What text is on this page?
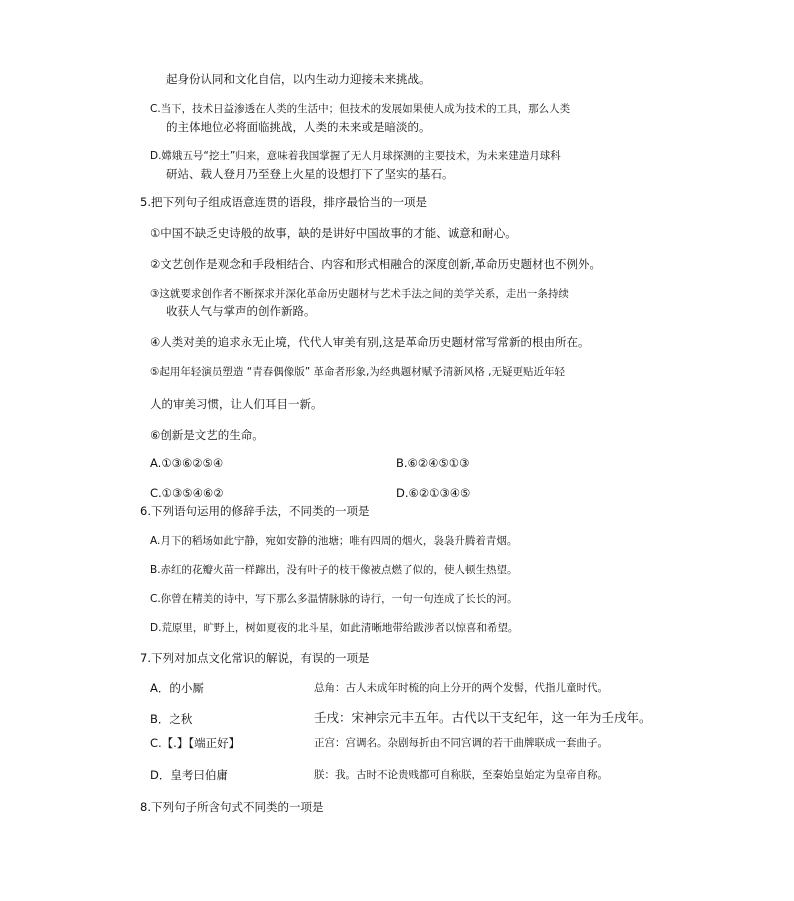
起身份认同和文化自信，以内生动力迎接未来挑战。
C.当下，技术日益渗透在人类的生活中；但技术的发展如果使人成为技术的工具，那么人类
的主体地位必将面临挑战，人类的未来或是暗淡的。
D.嫦娥五号“挖土”归来，意味着我国掌握了无人月球探测的主要技术，为未来建造月球科
研站、载人登月乃至登上火星的设想打下了坚实的基石。
5.把下列句子组成语意连贯的语段，排序最恰当的一项是
①中国不缺乏史诗般的故事，缺的是讲好中国故事的才能、诚意和耐心。
②文艺创作是观念和手段相结合、内容和形式相融合的深度创新,革命历史题材也不例外。
③这就要求创作者不断探求并深化革命历史题材与艺术手法之间的美学关系，走出一条持续
收获人气与掌声的创作新路。
④人类对美的追求永无止境，代代人审美有别,这是革命历史题材常写常新的根由所在。
⑤起用年轻演员塑造 “青春偶像版” 革命者形象,为经典题材赋予清新风格 ,无疑更贴近年轻
人的审美习惯，让人们耳目一新。
⑥创新是文艺的生命。
A.①③⑥②⑤④	B.⑥②④⑤①③
C.①③⑤④⑥②	D.⑥②①③④⑤
6.下列语句运用的修辞手法，不同类的一项是
A.月下的稻场如此宁静，宛如安静的池塘；唯有四周的烟火，袅袅升腾着青烟。
B.赤红的花瓣火苗一样蹿出，没有叶子的枝干像被点燃了似的，使人顿生热望。
C.你曾在精美的诗中，写下那么多温情脉脉的诗行，一句一句连成了长长的河。
D.荒原里，旷野上，树如夏夜的北斗星，如此清晰地带给跋涉者以惊喜和希望。
7.下列对加点文化常识的解说，有误的一项是
A．的小厮	总角：古人未成年时梳的向上分开的两个发髻，代指儿童时代。
B．之秋	壬戌：宋神宗元丰五年。古代以干支纪年，这一年为壬戌年。
C.【.】【端正好】	正宫：宫调名。杂剧每折由不同宫调的若干曲牌联成一套曲子。
D．皇考曰伯庸	朕：我。古时不论贵贱都可自称朕，至秦始皇始定为皇帝自称。
8.下列句子所含句式不同类的一项是
